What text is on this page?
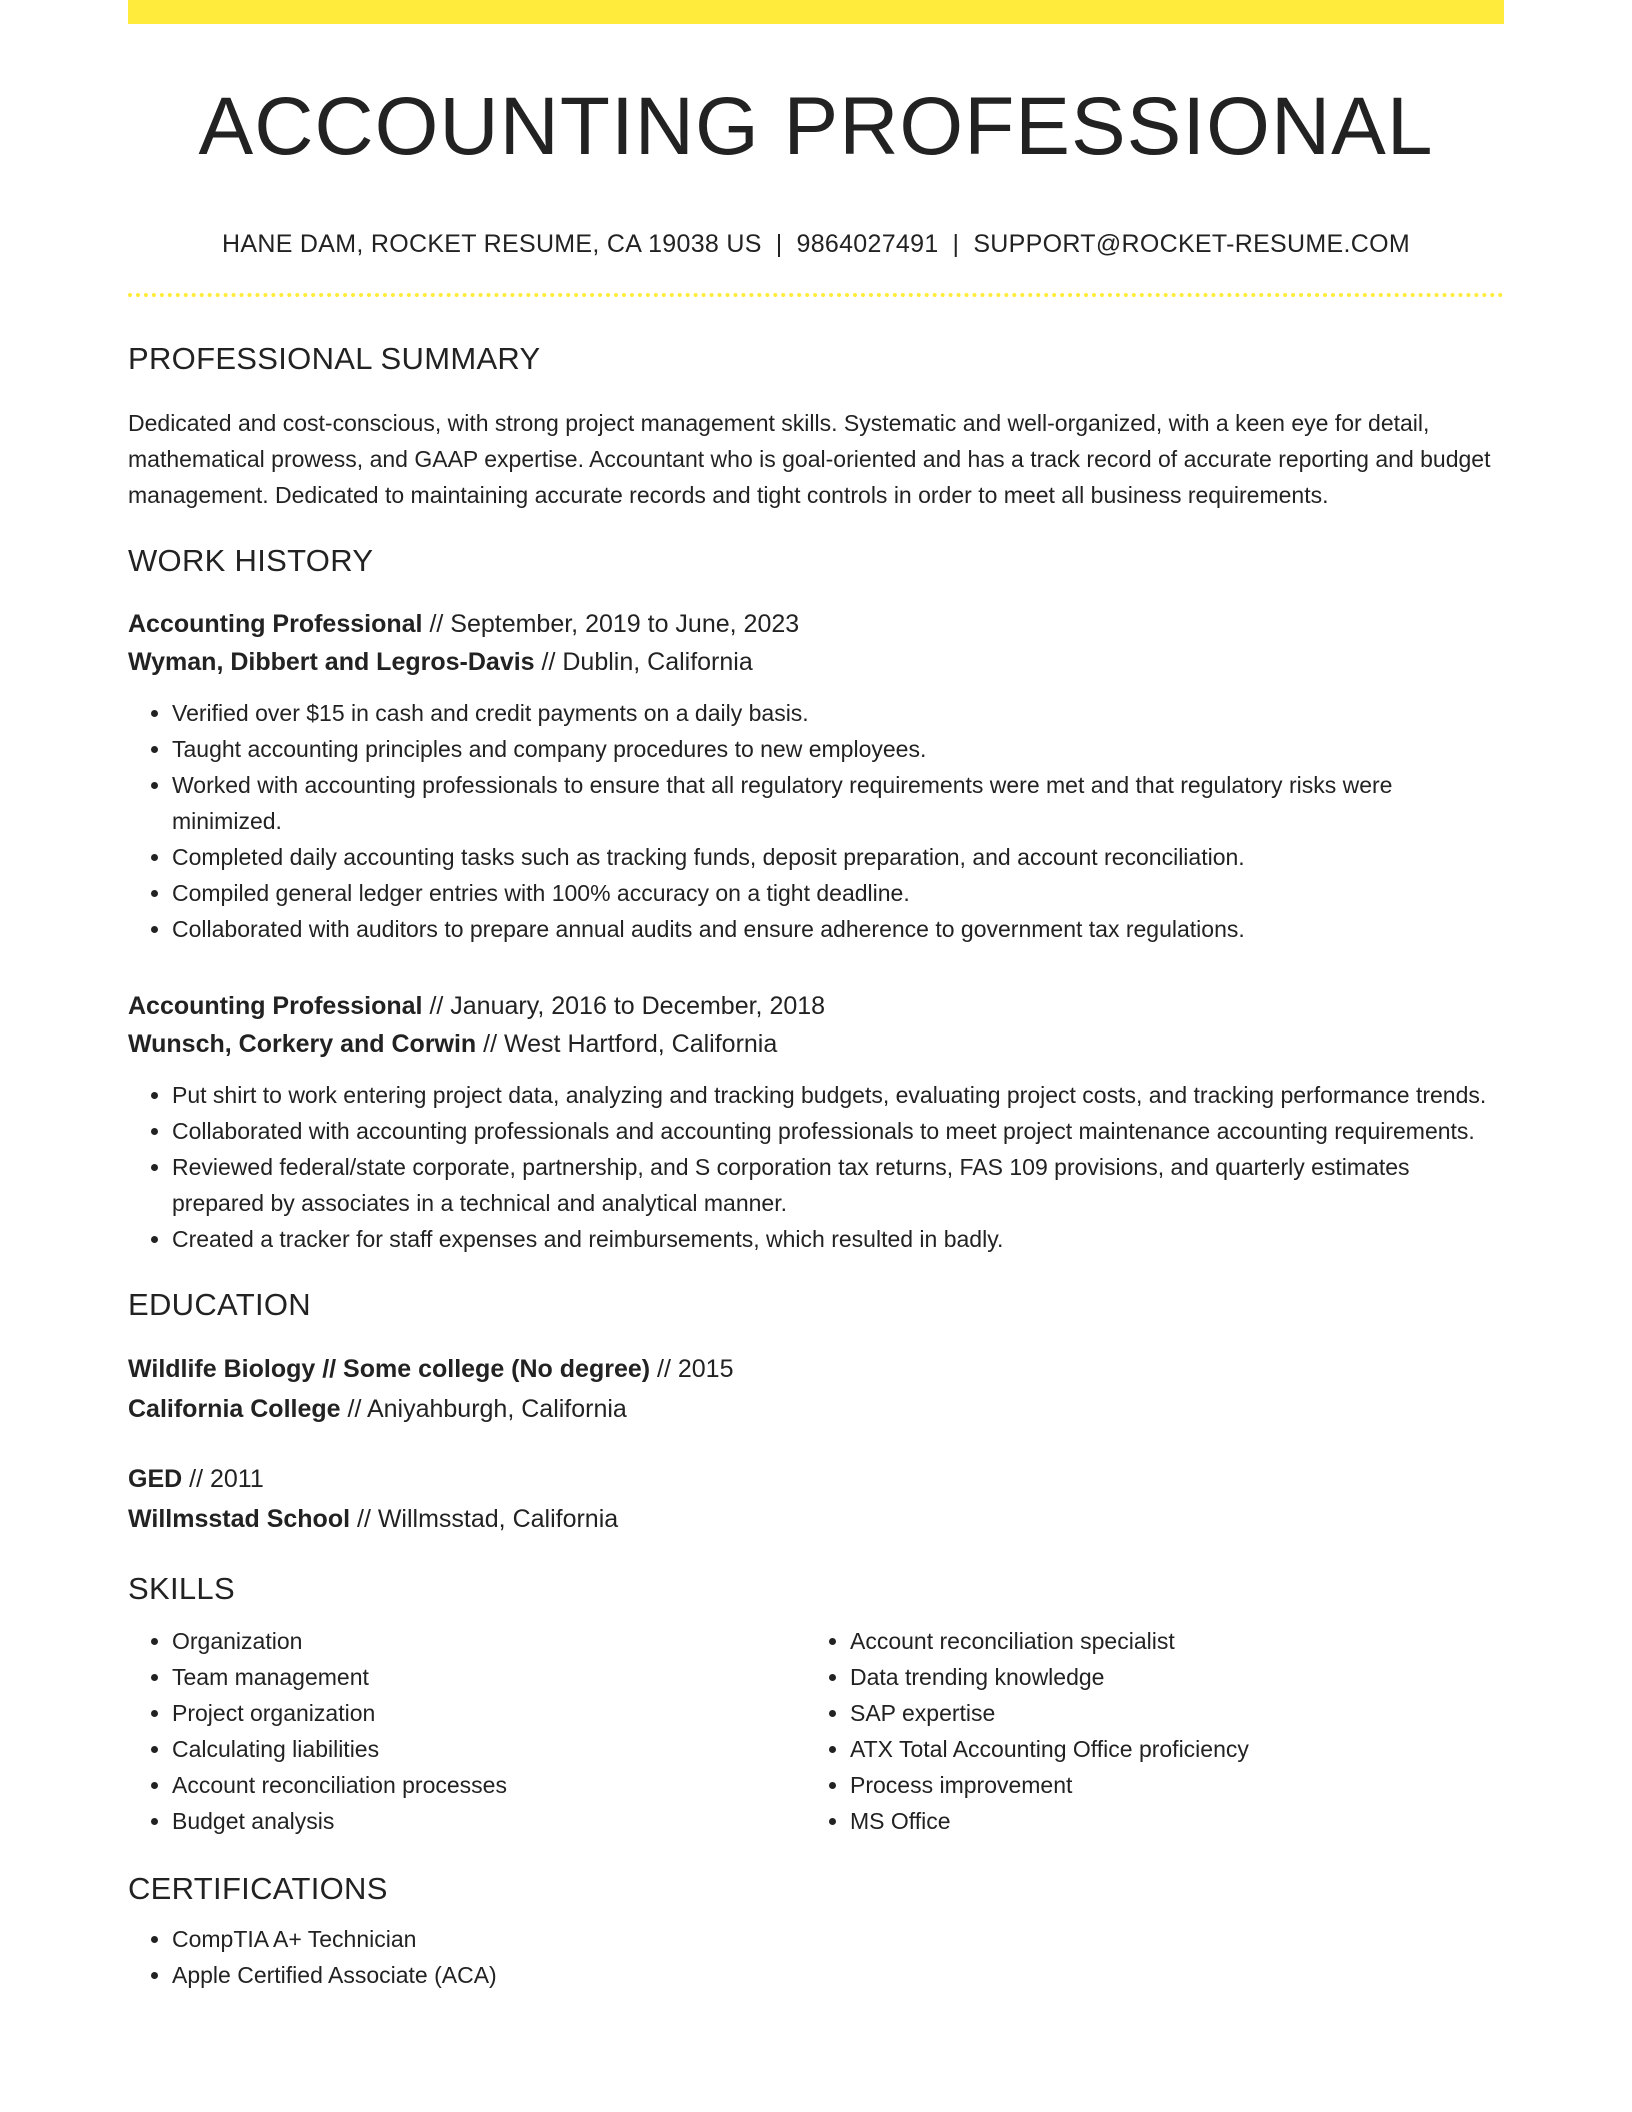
ACCOUNTING PROFESSIONAL
HANE DAM, ROCKET RESUME, CA 19038 US | 9864027491 | SUPPORT@ROCKET-RESUME.COM
PROFESSIONAL SUMMARY
Dedicated and cost-conscious, with strong project management skills. Systematic and well-organized, with a keen eye for detail, mathematical prowess, and GAAP expertise. Accountant who is goal-oriented and has a track record of accurate reporting and budget management. Dedicated to maintaining accurate records and tight controls in order to meet all business requirements.
WORK HISTORY
Accounting Professional // September, 2019 to June, 2023
Wyman, Dibbert and Legros-Davis // Dublin, California
• Verified over $15 in cash and credit payments on a daily basis.
• Taught accounting principles and company procedures to new employees.
• Worked with accounting professionals to ensure that all regulatory requirements were met and that regulatory risks were minimized.
• Completed daily accounting tasks such as tracking funds, deposit preparation, and account reconciliation.
• Compiled general ledger entries with 100% accuracy on a tight deadline.
• Collaborated with auditors to prepare annual audits and ensure adherence to government tax regulations.
Accounting Professional // January, 2016 to December, 2018
Wunsch, Corkery and Corwin // West Hartford, California
• Put shirt to work entering project data, analyzing and tracking budgets, evaluating project costs, and tracking performance trends.
• Collaborated with accounting professionals and accounting professionals to meet project maintenance accounting requirements.
• Reviewed federal/state corporate, partnership, and S corporation tax returns, FAS 109 provisions, and quarterly estimates prepared by associates in a technical and analytical manner.
• Created a tracker for staff expenses and reimbursements, which resulted in badly.
EDUCATION
Wildlife Biology // Some college (No degree) // 2015
California College // Aniyahburgh, California
GED // 2011
Willmsstad School // Willmsstad, California
SKILLS
• Organization
• Team management
• Project organization
• Calculating liabilities
• Account reconciliation processes
• Budget analysis
• Account reconciliation specialist
• Data trending knowledge
• SAP expertise
• ATX Total Accounting Office proficiency
• Process improvement
• MS Office
CERTIFICATIONS
• CompTIA A+ Technician
• Apple Certified Associate (ACA)
